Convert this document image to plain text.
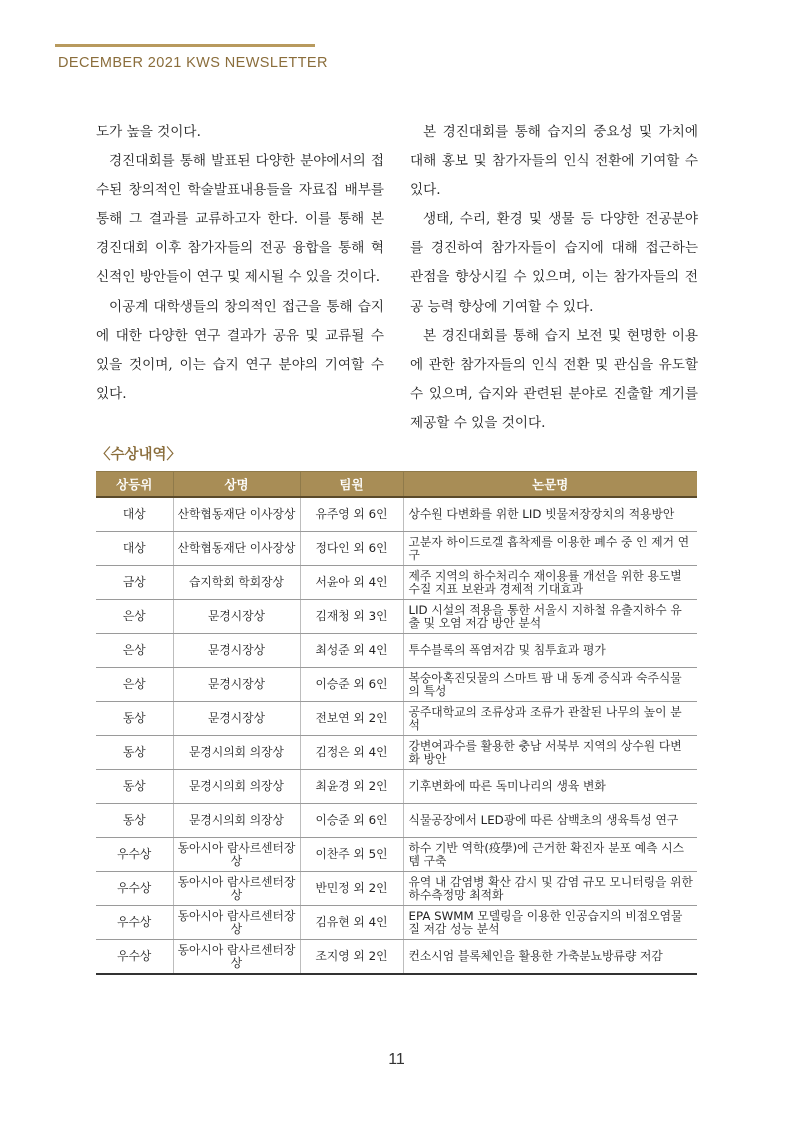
DECEMBER 2021 KWS NEWSLETTER

도가 높을 것이다.

경진대회를 통해 발표된 다양한 분야에서의 접수된 창의적인 학술발표내용들을 자료집 배부를 통해 그 결과를 교류하고자 한다. 이를 통해 본 경진대회 이후 참가자들의 전공 융합을 통해 혁신적인 방안들이 연구 및 제시될 수 있을 것이다.

이공계 대학생들의 창의적인 접근을 통해 습지에 대한 다양한 연구 결과가 공유 및 교류될 수 있을 것이며, 이는 습지 연구 분야의 기여할 수 있다.

본 경진대회를 통해 습지의 중요성 및 가치에 대해 홍보 및 참가자들의 인식 전환에 기여할 수 있다.

생태, 수리, 환경 및 생물 등 다양한 전공분야를 경진하여 참가자들이 습지에 대해 접근하는 관점을 향상시킬 수 있으며, 이는 참가자들의 전공 능력 향상에 기여할 수 있다.

본 경진대회를 통해 습지 보전 및 현명한 이용에 관한 참가자들의 인식 전환 및 관심을 유도할 수 있으며, 습지와 관련된 분야로 진출할 계기를 제공할 수 있을 것이다.

〈수상내역〉
상등위	상명	팀원	논문명
대상	산학협동재단 이사장상	유주영 외 6인	상수원 다변화를 위한 LID 빗물저장장치의 적용방안
대상	산학협동재단 이사장상	정다인 외 6인	고분자 하이드로겔 흡착제를 이용한 폐수 중 인 제거 연구
금상	습지학회 학회장상	서윤아 외 4인	제주 지역의 하수처리수 재이용률 개선을 위한 용도별 수질 지표 보완과 경제적 기대효과
은상	문경시장상	김재청 외 3인	LID 시설의 적용을 통한 서울시 지하철 유출지하수 유출 및 오염 저감 방안 분석
은상	문경시장상	최성준 외 4인	투수블록의 폭염저감 및 침투효과 평가
은상	문경시장상	이승준 외 6인	복숭아혹진딧물의 스마트 팜 내 동계 증식과 숙주식물의 특성
동상	문경시장상	전보연 외 2인	공주대학교의 조류상과 조류가 관찰된 나무의 높이 분석
동상	문경시의회 의장상	김정은 외 4인	강변여과수를 활용한 충남 서북부 지역의 상수원 다변화 방안
동상	문경시의회 의장상	최윤경 외 2인	기후변화에 따른 독미나리의 생육 변화
동상	문경시의회 의장상	이승준 외 6인	식물공장에서 LED광에 따른 삼백초의 생육특성 연구
우수상	동아시아 람사르센터장상	이찬주 외 5인	하수 기반 역학(疫學)에 근거한 확진자 분포 예측 시스템 구축
우수상	동아시아 람사르센터장상	반민정 외 2인	유역 내 감염병 확산 감시 및 감염 규모 모니터링을 위한 하수측정망 최적화
우수상	동아시아 람사르센터장상	김유현 외 4인	EPA SWMM 모델링을 이용한 인공습지의 비점오염물질 저감 성능 분석
우수상	동아시아 람사르센터장상	조지영 외 2인	컨소시엄 블록체인을 활용한 가축분뇨방류량 저감
11
